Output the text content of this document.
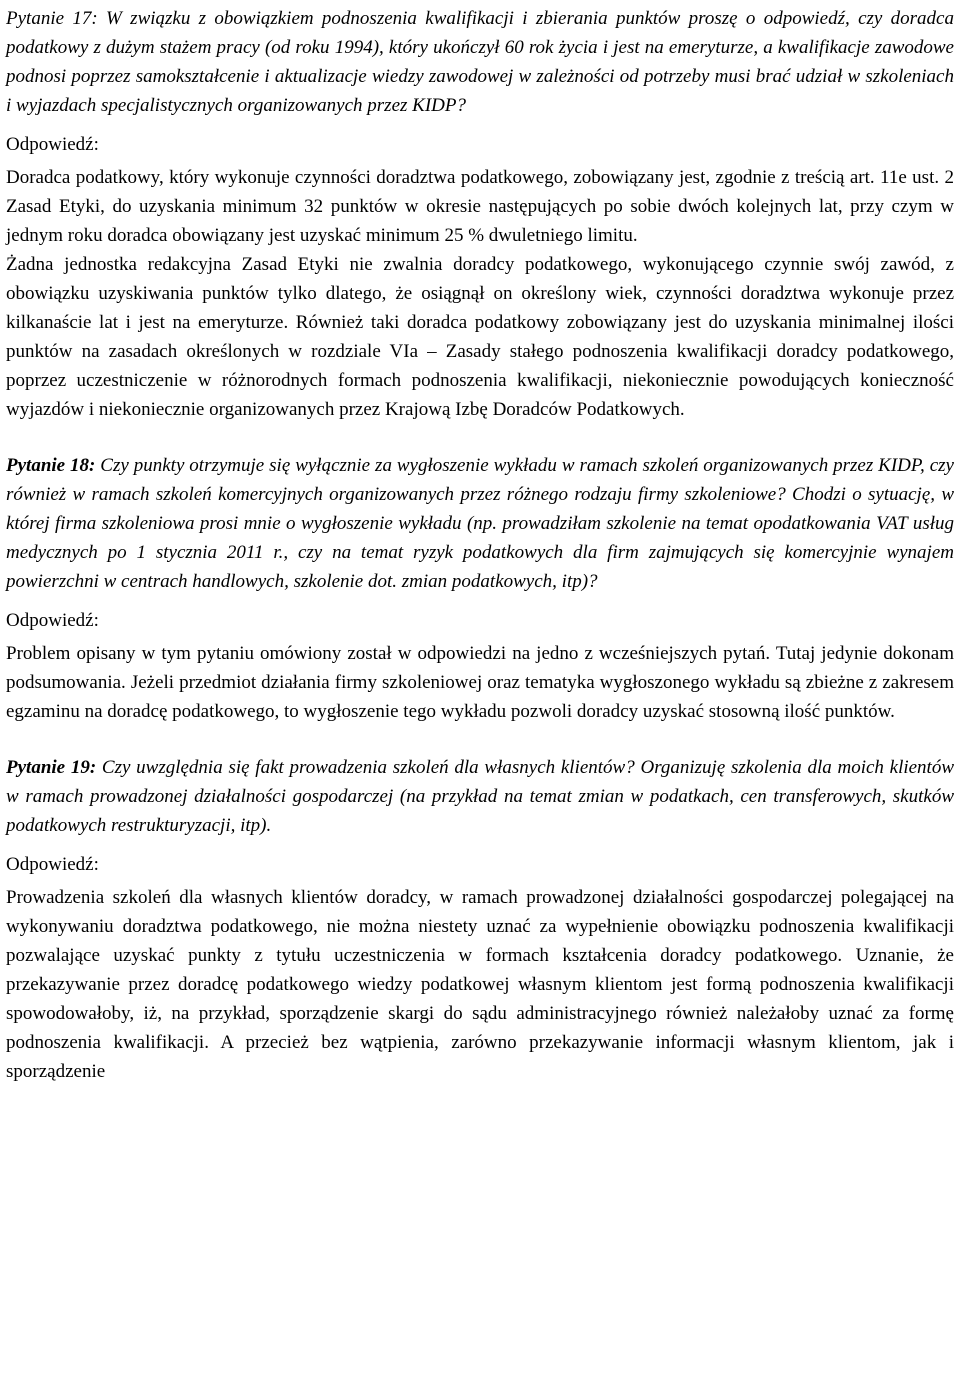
Pytanie 17: W związku z obowiązkiem podnoszenia kwalifikacji i zbierania punktów proszę o odpowiedź, czy doradca podatkowy z dużym stażem pracy (od roku 1994), który ukończył 60 rok życia i jest na emeryturze, a kwalifikacje zawodowe podnosi poprzez samokształcenie i aktualizacje wiedzy zawodowej w zależności od potrzeby musi brać udział w szkoleniach i wyjazdach specjalistycznych organizowanych przez KIDP?

Odpowiedź:

Doradca podatkowy, który wykonuje czynności doradztwa podatkowego, zobowiązany jest, zgodnie z treścią art. 11e ust. 2 Zasad Etyki, do uzyskania minimum 32 punktów w okresie następujących po sobie dwóch kolejnych lat, przy czym w jednym roku doradca obowiązany jest uzyskać minimum 25 % dwuletniego limitu.

Żadna jednostka redakcyjna Zasad Etyki nie zwalnia doradcy podatkowego, wykonującego czynnie swój zawód, z obowiązku uzyskiwania punktów tylko dlatego, że osiągnął on określony wiek, czynności doradztwa wykonuje przez kilkanaście lat i jest na emeryturze. Również taki doradca podatkowy zobowiązany jest do uzyskania minimalnej ilości punktów na zasadach określonych w rozdziale VIa – Zasady stałego podnoszenia kwalifikacji doradcy podatkowego, poprzez uczestniczenie w różnorodnych formach podnoszenia kwalifikacji, niekoniecznie powodujących konieczność wyjazdów i niekoniecznie organizowanych przez Krajową Izbę Doradców Podatkowych.

Pytanie 18: Czy punkty otrzymuje się wyłącznie za wygłoszenie wykładu w ramach szkoleń organizowanych przez KIDP, czy również w ramach szkoleń komercyjnych organizowanych przez różnego rodzaju firmy szkoleniowe? Chodzi o sytuację, w której firma szkoleniowa prosi mnie o wygłoszenie wykładu (np. prowadziłam szkolenie na temat opodatkowania VAT usług medycznych po 1 stycznia 2011 r., czy na temat ryzyk podatkowych dla firm zajmujących się komercyjnie wynajem powierzchni w centrach handlowych, szkolenie dot. zmian podatkowych, itp)?

Odpowiedź:

Problem opisany w tym pytaniu omówiony został w odpowiedzi na jedno z wcześniejszych pytań. Tutaj jedynie dokonam podsumowania. Jeżeli przedmiot działania firmy szkoleniowej oraz tematyka wygłoszonego wykładu są zbieżne z zakresem egzaminu na doradcę podatkowego, to wygłoszenie tego wykładu pozwoli doradcy uzyskać stosowną ilość punktów.

Pytanie 19: Czy uwzględnia się fakt prowadzenia szkoleń dla własnych klientów? Organizuję szkolenia dla moich klientów w ramach prowadzonej działalności gospodarczej (na przykład na temat zmian w podatkach, cen transferowych, skutków podatkowych restrukturyzacji, itp).

Odpowiedź:

Prowadzenia szkoleń dla własnych klientów doradcy, w ramach prowadzonej działalności gospodarczej polegającej na wykonywaniu doradztwa podatkowego, nie można niestety uznać za wypełnienie obowiązku podnoszenia kwalifikacji pozwalające uzyskać punkty z tytułu uczestniczenia w formach kształcenia doradcy podatkowego. Uznanie, że przekazywanie przez doradcę podatkowego wiedzy podatkowej własnym klientom jest formą podnoszenia kwalifikacji spowodowałoby, iż, na przykład, sporządzenie skargi do sądu administracyjnego również należałoby uznać za formę podnoszenia kwalifikacji. A przecież bez wątpienia, zarówno przekazywanie informacji własnym klientom, jak i sporządzenie
